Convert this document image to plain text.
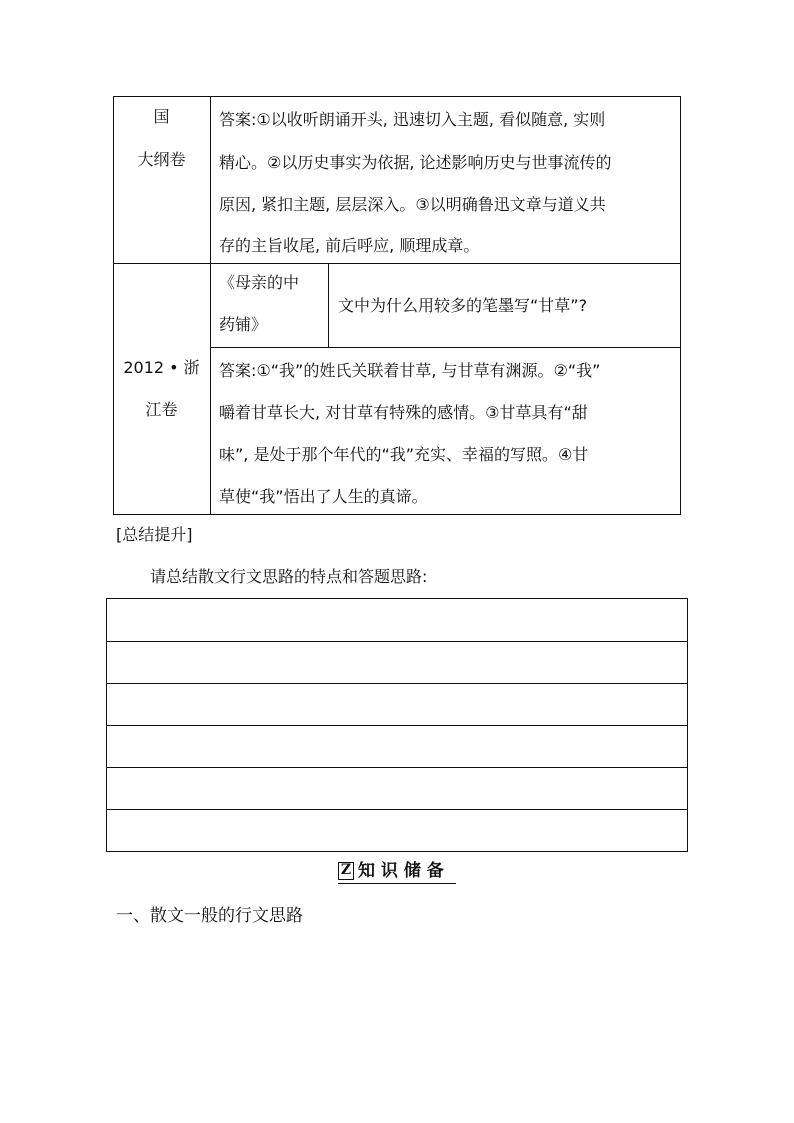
国
大纲卷
答案:①以收听朗诵开头, 迅速切入主题, 看似随意, 实则
精心。②以历史事实为依据, 论述影响历史与世事流传的
原因, 紧扣主题, 层层深入。③以明确鲁迅文章与道义共
存的主旨收尾, 前后呼应, 顺理成章。
2012 • 浙
江卷
《母亲的中
药铺》
文中为什么用较多的笔墨写“甘草”?
答案:①“我”的姓氏关联着甘草, 与甘草有渊源。②“我”
嚼着甘草长大, 对甘草有特殊的感情。③甘草具有“甜
味”, 是处于那个年代的“我”充实、幸福的写照。④甘
草使“我”悟出了人生的真谛。
[总结提升]
请总结散文行文思路的特点和答题思路:
Z 知 识 储 备
一、散文一般的行文思路
